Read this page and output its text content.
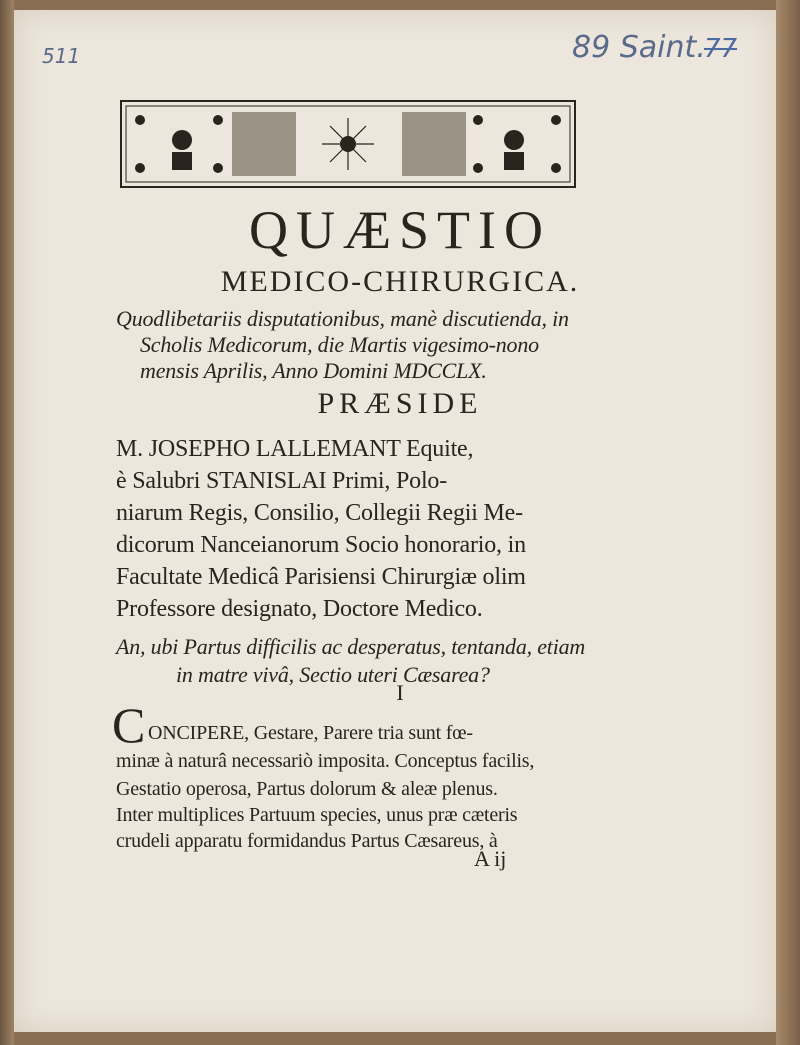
511	89 Saint.
77
QUÆSTIO
MEDICO-CHIRURGICA.
Quodlibetariis disputationibus, manè discutienda, in
Scholis Medicorum, die Martis vigesimo-nono
mensis Aprilis, Anno Domini MDCCLX.
PRÆSIDE
M. JOSEPHO LALLEMANT Equite,
è Salubri STANISLAI Primi, Polo-
niarum Regis, Consilio, Collegii Regii Me-
dicorum Nanceianorum Socio honorario, in
Facultate Medicâ Parisiensi Chirurgiæ olim
Professore designato, Doctore Medico.
An, ubi Partus difficilis ac desperatus, tentanda, etiam
in matre vivâ, Sectio uteri Cæsarea?
I
C ONCIPERE, Gestare, Parere tria sunt fœ-
minæ à naturâ necessariò imposita. Conceptus facilis,
Gestatio operosa, Partus dolorum & aleæ plenus.
Inter multiplices Partuum species, unus præ cæteris
crudeli apparatu formidandus Partus Cæsareus, à
A ij
